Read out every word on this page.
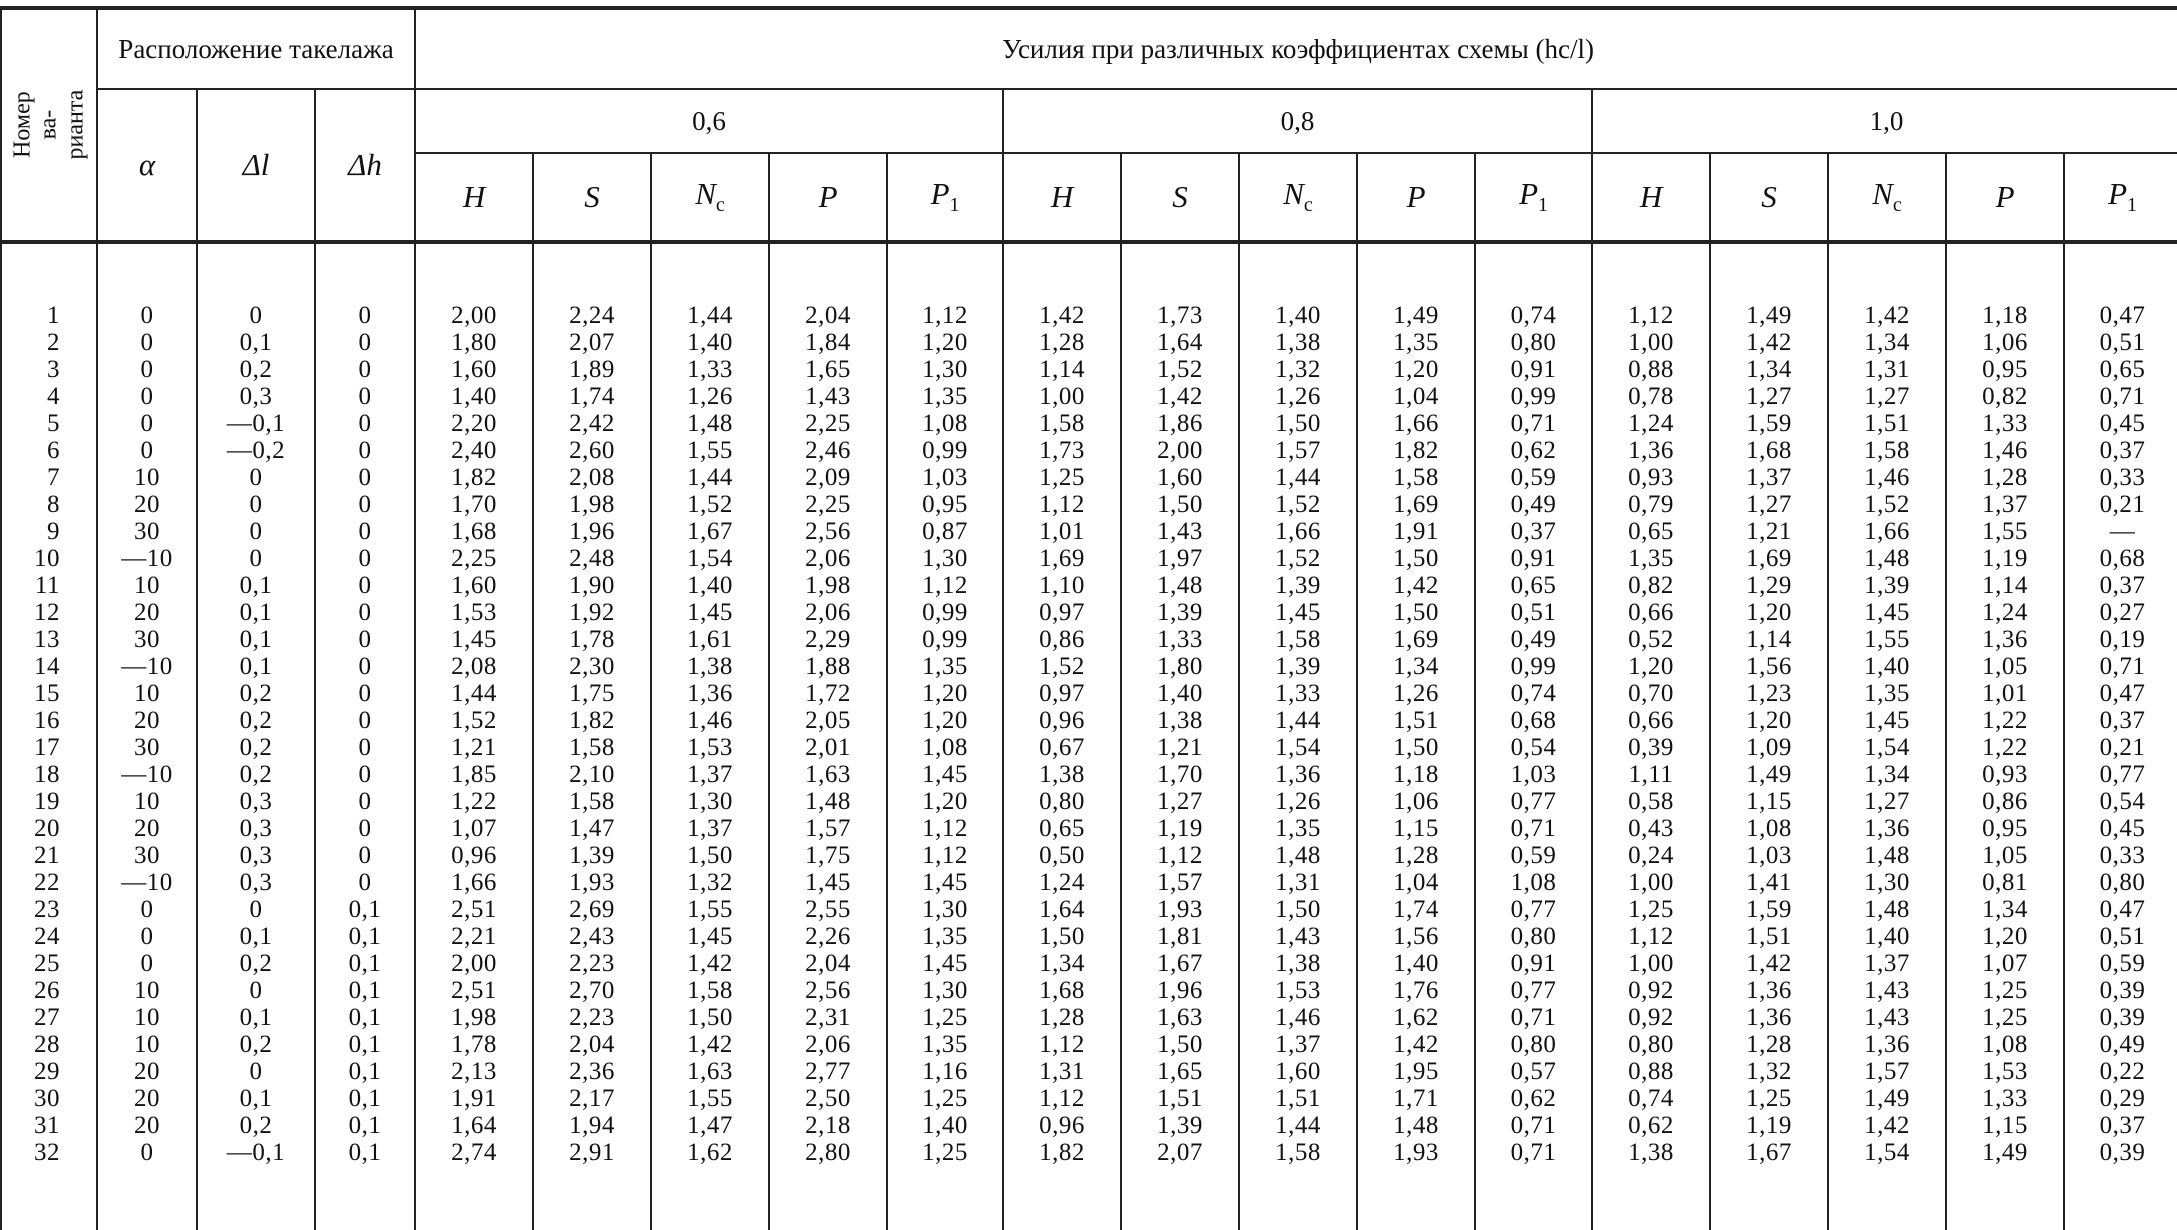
Номер ва-
рианта	Расположение такелажа			Усилия при различных коэффициентах схемы (hc/l)														
	α	Δl	Δh	0,6					0,8					1,0				
				H	S	$N_c$	P	$P_1$	H	S	$N_c$	P	$P_1$	H	S	$N_c$	P	$P_1$

1	0	0	0	2,00	2,24	1,44	2,04	1,12	1,42	1,73	1,40	1,49	0,74	1,12	1,49	1,42	1,18	0,47
2	0	0,1	0	1,80	2,07	1,40	1,84	1,20	1,28	1,64	1,38	1,35	0,80	1,00	1,42	1,34	1,06	0,51
3	0	0,2	0	1,60	1,89	1,33	1,65	1,30	1,14	1,52	1,32	1,20	0,91	0,88	1,34	1,31	0,95	0,65
4	0	0,3	0	1,40	1,74	1,26	1,43	1,35	1,00	1,42	1,26	1,04	0,99	0,78	1,27	1,27	0,82	0,71
5	0	—0,1	0	2,20	2,42	1,48	2,25	1,08	1,58	1,86	1,50	1,66	0,71	1,24	1,59	1,51	1,33	0,45
6	0	—0,2	0	2,40	2,60	1,55	2,46	0,99	1,73	2,00	1,57	1,82	0,62	1,36	1,68	1,58	1,46	0,37
7	10	0	0	1,82	2,08	1,44	2,09	1,03	1,25	1,60	1,44	1,58	0,59	0,93	1,37	1,46	1,28	0,33
8	20	0	0	1,70	1,98	1,52	2,25	0,95	1,12	1,50	1,52	1,69	0,49	0,79	1,27	1,52	1,37	0,21
9	30	0	0	1,68	1,96	1,67	2,56	0,87	1,01	1,43	1,66	1,91	0,37	0,65	1,21	1,66	1,55	—
10	—10	0	0	2,25	2,48	1,54	2,06	1,30	1,69	1,97	1,52	1,50	0,91	1,35	1,69	1,48	1,19	0,68
11	10	0,1	0	1,60	1,90	1,40	1,98	1,12	1,10	1,48	1,39	1,42	0,65	0,82	1,29	1,39	1,14	0,37
12	20	0,1	0	1,53	1,92	1,45	2,06	0,99	0,97	1,39	1,45	1,50	0,51	0,66	1,20	1,45	1,24	0,27
13	30	0,1	0	1,45	1,78	1,61	2,29	0,99	0,86	1,33	1,58	1,69	0,49	0,52	1,14	1,55	1,36	0,19
14	—10	0,1	0	2,08	2,30	1,38	1,88	1,35	1,52	1,80	1,39	1,34	0,99	1,20	1,56	1,40	1,05	0,71
15	10	0,2	0	1,44	1,75	1,36	1,72	1,20	0,97	1,40	1,33	1,26	0,74	0,70	1,23	1,35	1,01	0,47
16	20	0,2	0	1,52	1,82	1,46	2,05	1,20	0,96	1,38	1,44	1,51	0,68	0,66	1,20	1,45	1,22	0,37
17	30	0,2	0	1,21	1,58	1,53	2,01	1,08	0,67	1,21	1,54	1,50	0,54	0,39	1,09	1,54	1,22	0,21
18	—10	0,2	0	1,85	2,10	1,37	1,63	1,45	1,38	1,70	1,36	1,18	1,03	1,11	1,49	1,34	0,93	0,77
19	10	0,3	0	1,22	1,58	1,30	1,48	1,20	0,80	1,27	1,26	1,06	0,77	0,58	1,15	1,27	0,86	0,54
20	20	0,3	0	1,07	1,47	1,37	1,57	1,12	0,65	1,19	1,35	1,15	0,71	0,43	1,08	1,36	0,95	0,45
21	30	0,3	0	0,96	1,39	1,50	1,75	1,12	0,50	1,12	1,48	1,28	0,59	0,24	1,03	1,48	1,05	0,33
22	—10	0,3	0	1,66	1,93	1,32	1,45	1,45	1,24	1,57	1,31	1,04	1,08	1,00	1,41	1,30	0,81	0,80
23	0	0	0,1	2,51	2,69	1,55	2,55	1,30	1,64	1,93	1,50	1,74	0,77	1,25	1,59	1,48	1,34	0,47
24	0	0,1	0,1	2,21	2,43	1,45	2,26	1,35	1,50	1,81	1,43	1,56	0,80	1,12	1,51	1,40	1,20	0,51
25	0	0,2	0,1	2,00	2,23	1,42	2,04	1,45	1,34	1,67	1,38	1,40	0,91	1,00	1,42	1,37	1,07	0,59
26	10	0	0,1	2,51	2,70	1,58	2,56	1,30	1,68	1,96	1,53	1,76	0,77	0,92	1,36	1,43	1,25	0,39
27	10	0,1	0,1	1,98	2,23	1,50	2,31	1,25	1,28	1,63	1,46	1,62	0,71	0,92	1,36	1,43	1,25	0,39
28	10	0,2	0,1	1,78	2,04	1,42	2,06	1,35	1,12	1,50	1,37	1,42	0,80	0,80	1,28	1,36	1,08	0,49
29	20	0	0,1	2,13	2,36	1,63	2,77	1,16	1,31	1,65	1,60	1,95	0,57	0,88	1,32	1,57	1,53	0,22
30	20	0,1	0,1	1,91	2,17	1,55	2,50	1,25	1,12	1,51	1,51	1,71	0,62	0,74	1,25	1,49	1,33	0,29
31	20	0,2	0,1	1,64	1,94	1,47	2,18	1,40	0,96	1,39	1,44	1,48	0,71	0,62	1,19	1,42	1,15	0,37
32	0	—0,1	0,1	2,74	2,91	1,62	2,80	1,25	1,82	2,07	1,58	1,93	0,71	1,38	1,67	1,54	1,49	0,39
